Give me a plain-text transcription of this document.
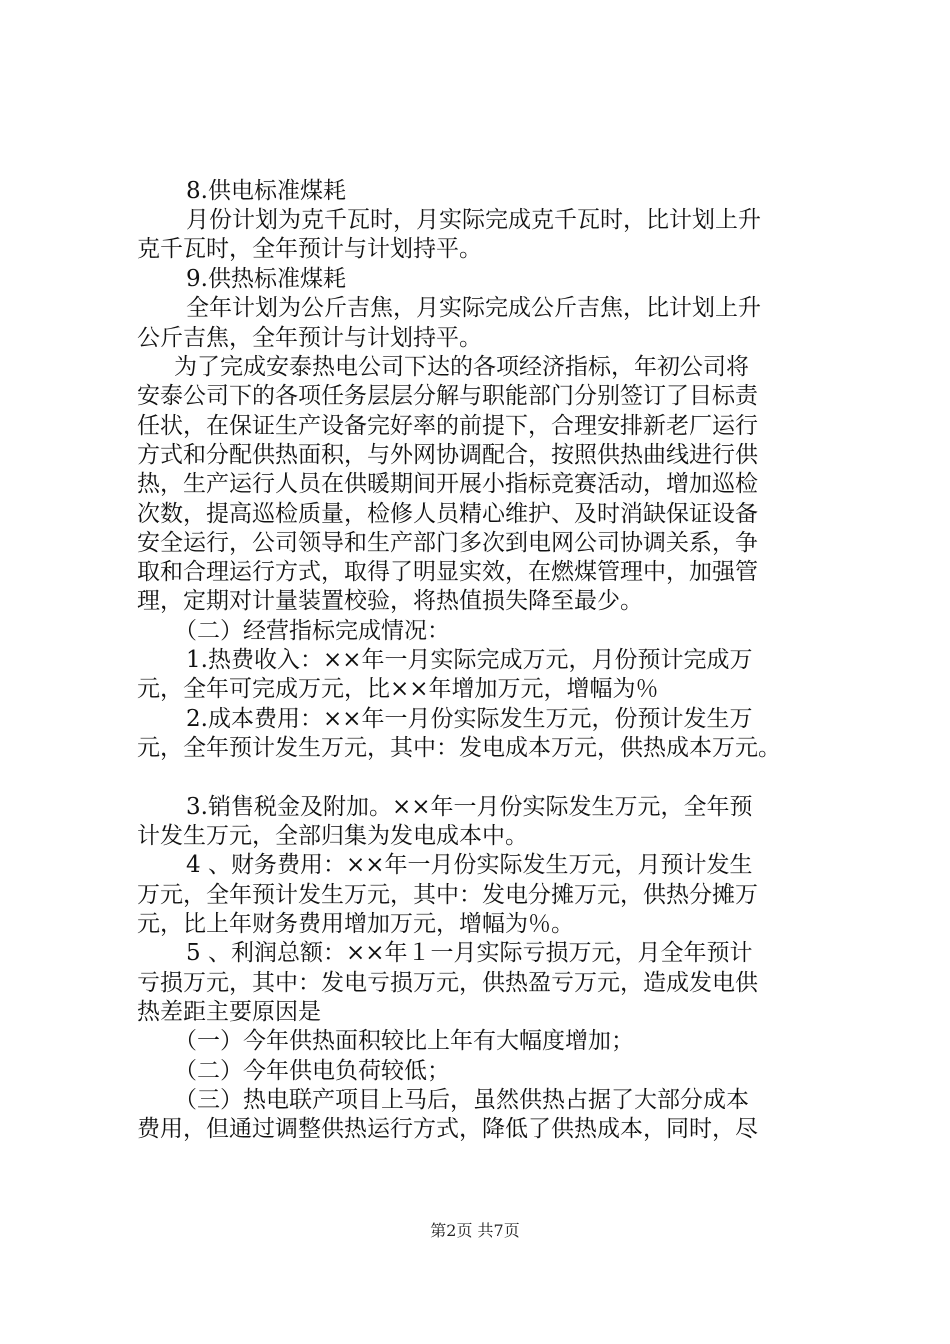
8.供电标准煤耗
月份计划为克千瓦时，月实际完成克千瓦时，比计划上升
克千瓦时，全年预计与计划持平。
9.供热标准煤耗
全年计划为公斤吉焦，月实际完成公斤吉焦，比计划上升
公斤吉焦，全年预计与计划持平。
为了完成安泰热电公司下达的各项经济指标，年初公司将
安泰公司下的各项任务层层分解与职能部门分别签订了目标责
任状，在保证生产设备完好率的前提下，合理安排新老厂运行
方式和分配供热面积，与外网协调配合，按照供热曲线进行供
热，生产运行人员在供暖期间开展小指标竞赛活动，增加巡检
次数，提高巡检质量，检修人员精心维护、及时消缺保证设备
安全运行，公司领导和生产部门多次到电网公司协调关系，争
取和合理运行方式，取得了明显实效，在燃煤管理中，加强管
理，定期对计量装置校验，将热值损失降至最少。
（二）经营指标完成情况：
1.热费收入：××年一月实际完成万元，月份预计完成万
元，全年可完成万元，比××年增加万元，增幅为％
2.成本费用：××年一月份实际发生万元，份预计发生万
元，全年预计发生万元，其中：发电成本万元，供热成本万元。
3.销售税金及附加。××年一月份实际发生万元，全年预
计发生万元，全部归集为发电成本中。
4 、财务费用：××年一月份实际发生万元，月预计发生
万元，全年预计发生万元，其中：发电分摊万元，供热分摊万
元，比上年财务费用增加万元，增幅为％。
5 、利润总额：××年１一月实际亏损万元，月全年预计
亏损万元，其中：发电亏损万元，供热盈亏万元，造成发电供
热差距主要原因是
（一）今年供热面积较比上年有大幅度增加；
（二）今年供电负荷较低；
（三）热电联产项目上马后，虽然供热占据了大部分成本
费用，但通过调整供热运行方式，降低了供热成本，同时，尽
第2页 共7页
